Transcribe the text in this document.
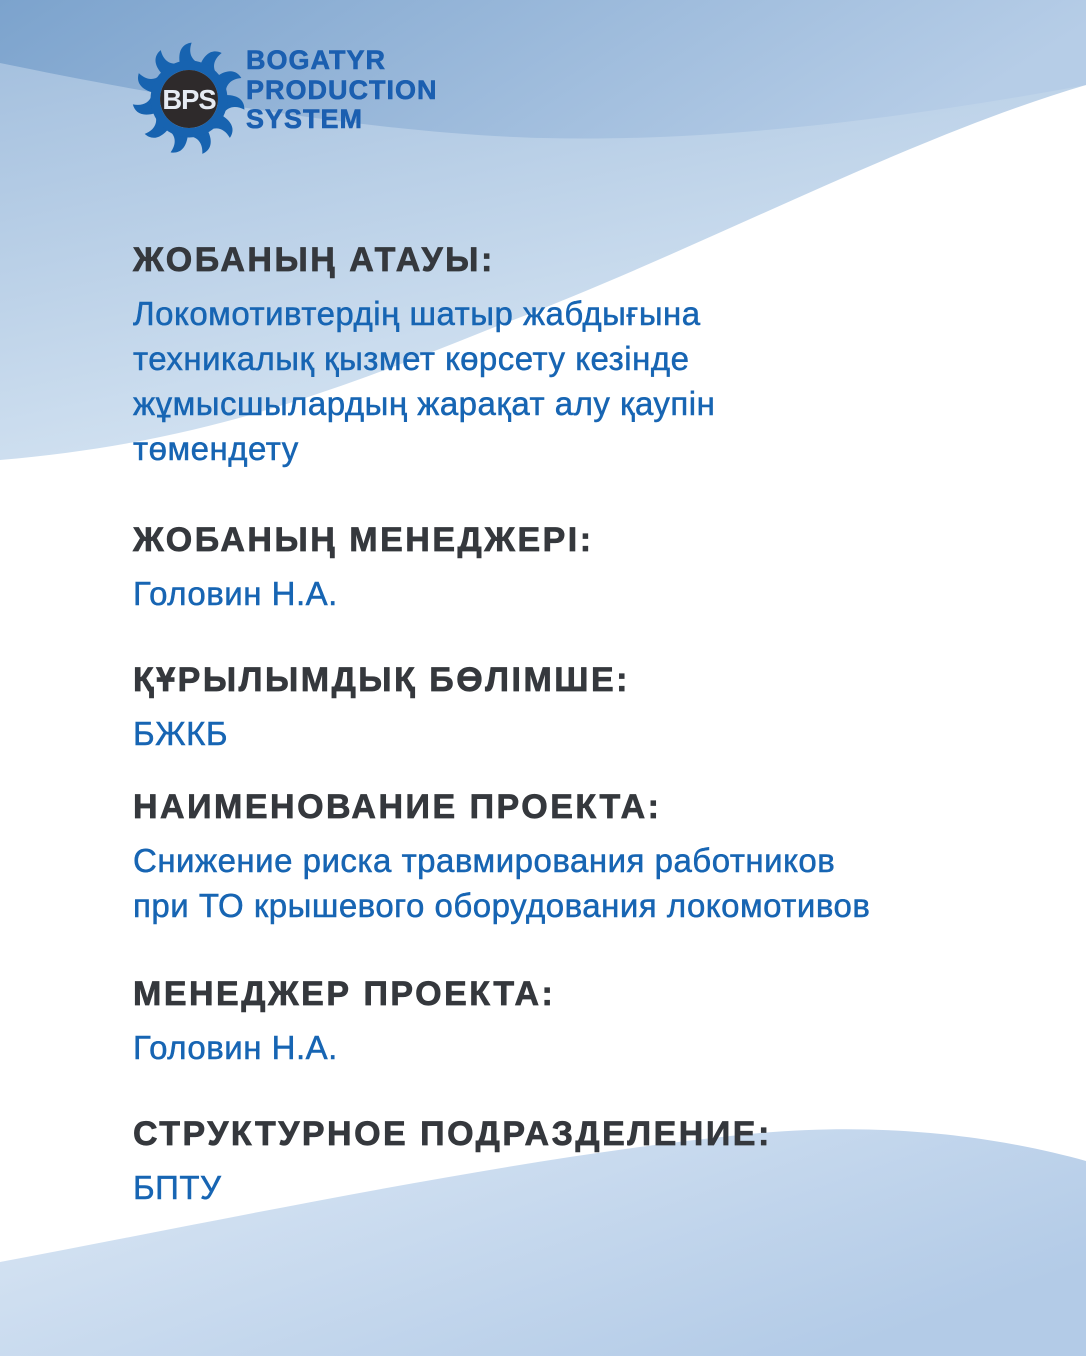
BPS
BOGATYR
PRODUCTION
SYSTEM
ЖОБАНЫҢ АТАУЫ:
Локомотивтердің шатыр жабдығына
техникалық қызмет көрсету кезінде
жұмысшылардың жарақат алу қаупін
төмендету
ЖОБАНЫҢ МЕНЕДЖЕРІ:
Головин Н.А.
ҚҰРЫЛЫМДЫҚ БӨЛІМШЕ:
БЖКБ
НАИМЕНОВАНИЕ ПРОЕКТА:
Снижение риска травмирования работников
при ТО крышевого оборудования локомотивов
МЕНЕДЖЕР ПРОЕКТА:
Головин Н.А.
СТРУКТУРНОЕ ПОДРАЗДЕЛЕНИЕ:
БПТУ
